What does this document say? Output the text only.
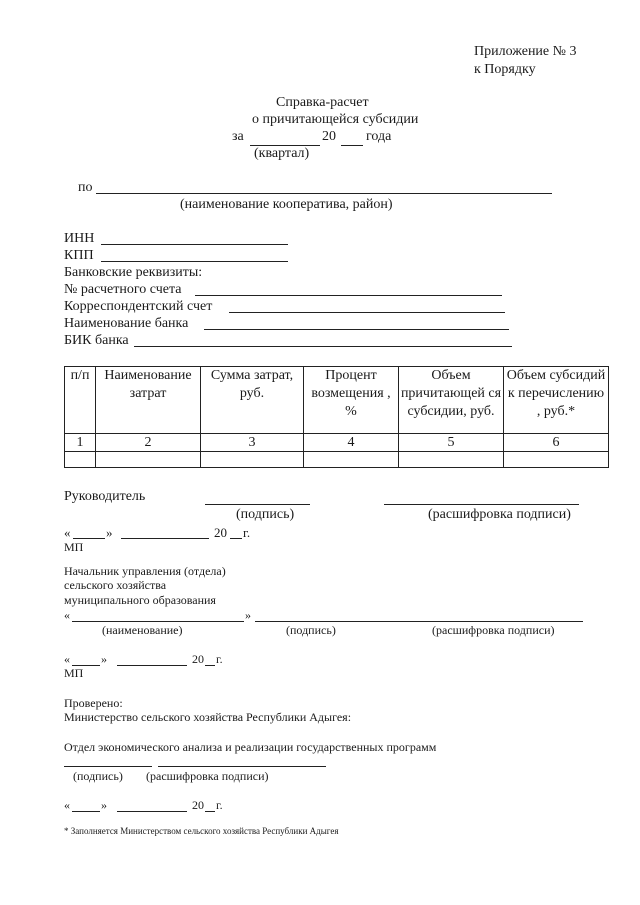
Приложение № 3
к Порядку
Справка-расчет
о причитающейся субсидии
за	20 года
(квартал)
по
(наименование кооператива, район)
ИНН
КПП
Банковские реквизиты:
№ расчетного счета
Корреспондентский счет
Наименование банка
БИК банка
п/п	Наименование затрат	Сумма затрат, руб.	Процент возмещения , %	Объем причитающей ся субсидии, руб.	Объем субсидий к перечислению , руб.*
1	2	3	4	5	6

Руководитель
(подпись)	(расшифровка подписи)
«	»	20 г.
МП
Начальник управления (отдела)
сельского хозяйства
муниципального образования
«	»
(наименование)	(подпись)	(расшифровка подписи)
«	»	20 г.
МП
Проверено:
Министерство сельского хозяйства Республики Адыгея:
Отдел экономического анализа и реализации государственных программ
(подпись) (расшифровка подписи)
«	»	20 г.
* Заполняется Министерством сельского хозяйства Республики Адыгея
